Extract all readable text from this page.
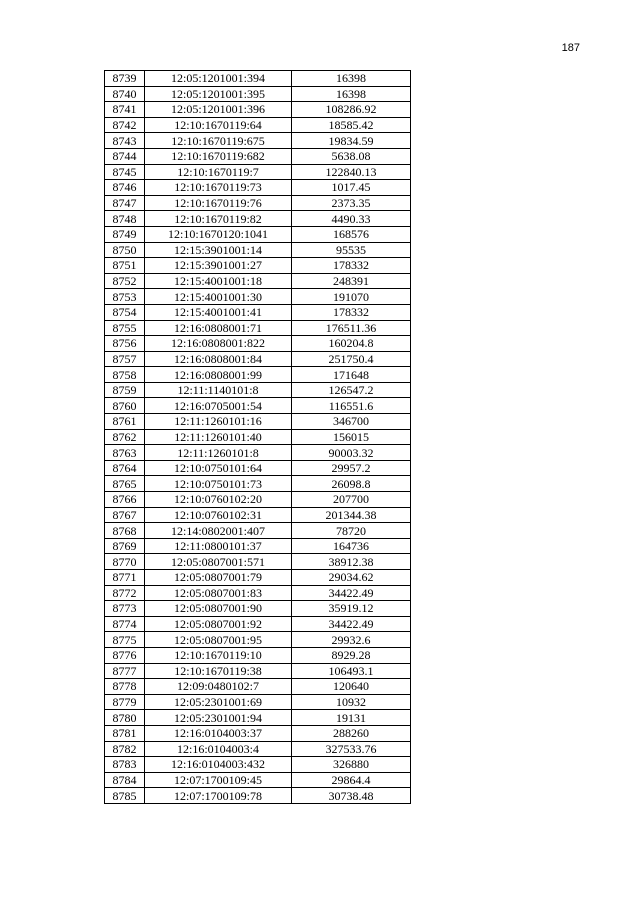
187
8739	12:05:1201001:394	16398
8740	12:05:1201001:395	16398
8741	12:05:1201001:396	108286.92
8742	12:10:1670119:64	18585.42
8743	12:10:1670119:675	19834.59
8744	12:10:1670119:682	5638.08
8745	12:10:1670119:7	122840.13
8746	12:10:1670119:73	1017.45
8747	12:10:1670119:76	2373.35
8748	12:10:1670119:82	4490.33
8749	12:10:1670120:1041	168576
8750	12:15:3901001:14	95535
8751	12:15:3901001:27	178332
8752	12:15:4001001:18	248391
8753	12:15:4001001:30	191070
8754	12:15:4001001:41	178332
8755	12:16:0808001:71	176511.36
8756	12:16:0808001:822	160204.8
8757	12:16:0808001:84	251750.4
8758	12:16:0808001:99	171648
8759	12:11:1140101:8	126547.2
8760	12:16:0705001:54	116551.6
8761	12:11:1260101:16	346700
8762	12:11:1260101:40	156015
8763	12:11:1260101:8	90003.32
8764	12:10:0750101:64	29957.2
8765	12:10:0750101:73	26098.8
8766	12:10:0760102:20	207700
8767	12:10:0760102:31	201344.38
8768	12:14:0802001:407	78720
8769	12:11:0800101:37	164736
8770	12:05:0807001:571	38912.38
8771	12:05:0807001:79	29034.62
8772	12:05:0807001:83	34422.49
8773	12:05:0807001:90	35919.12
8774	12:05:0807001:92	34422.49
8775	12:05:0807001:95	29932.6
8776	12:10:1670119:10	8929.28
8777	12:10:1670119:38	106493.1
8778	12:09:0480102:7	120640
8779	12:05:2301001:69	10932
8780	12:05:2301001:94	19131
8781	12:16:0104003:37	288260
8782	12:16:0104003:4	327533.76
8783	12:16:0104003:432	326880
8784	12:07:1700109:45	29864.4
8785	12:07:1700109:78	30738.48
